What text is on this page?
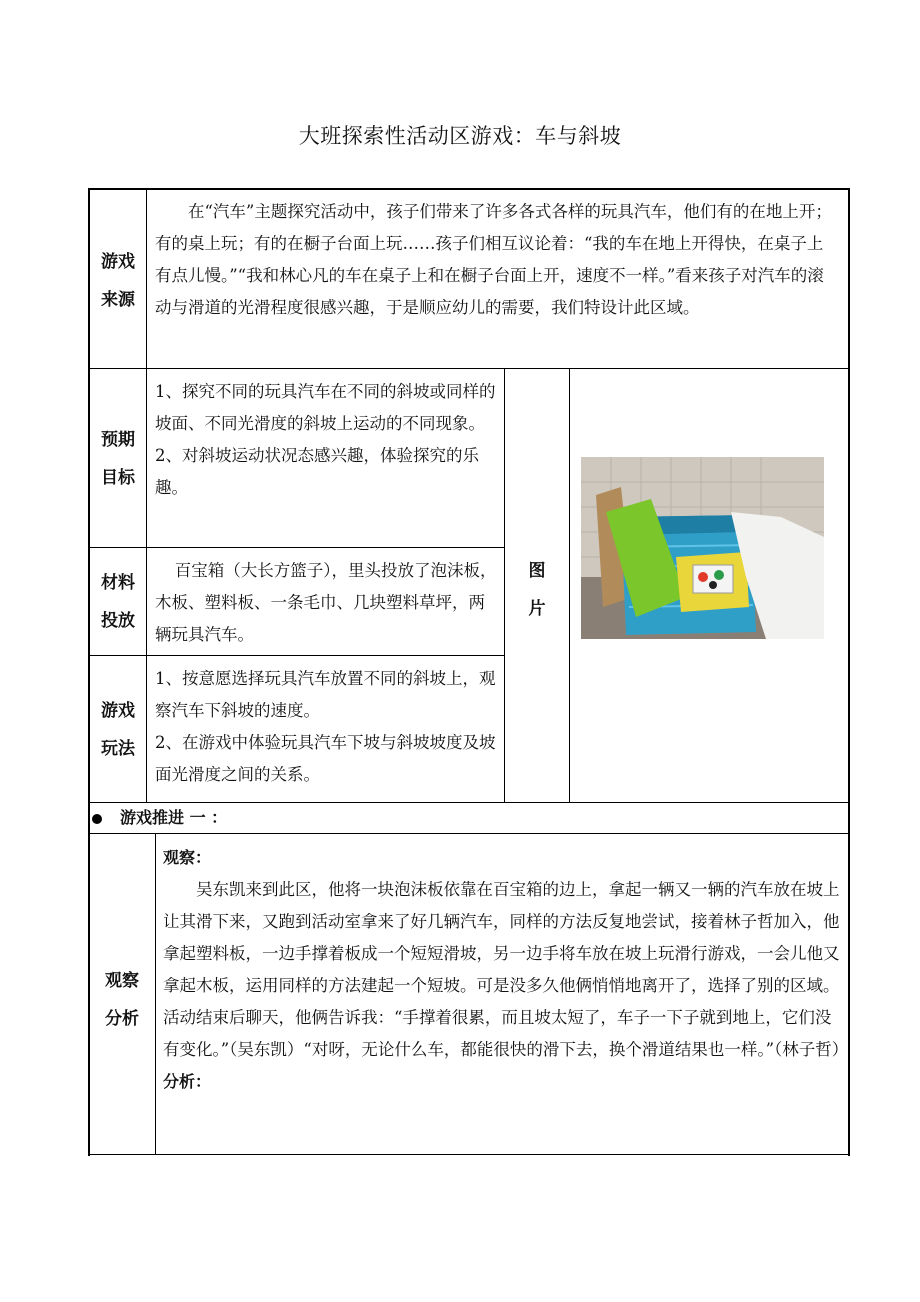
大班探索性活动区游戏：车与斜坡
游戏
来源
在“汽车”主题探究活动中，孩子们带来了许多各式各样的玩具汽车，他们有的在地上开；有的桌上玩；有的在橱子台面上玩……孩子们相互议论着：“我的车在地上开得快，在桌子上有点儿慢。”“我和林心凡的车在桌子上和在橱子台面上开，速度不一样。”看来孩子对汽车的滚动与滑道的光滑程度很感兴趣，于是顺应幼儿的需要，我们特设计此区域。
预期
目标

1、探究不同的玩具汽车在不同的斜坡或同样的坡面、不同光滑度的斜坡上运动的不同现象。

2、对斜坡运动状况态感兴趣，体验探究的乐趣。

材料
投放
百宝箱（大长方篮子），里头投放了泡沫板，木板、塑料板、一条毛巾、几块塑料草坪，两辆玩具汽车。
游戏
玩法

1、按意愿选择玩具汽车放置不同的斜坡上，观察汽车下斜坡的速度。

2、在游戏中体验玩具汽车下坡与斜坡坡度及坡面光滑度之间的关系。

图
片
游戏推进 一 ：
观察
分析

观察：

吴东凯来到此区，他将一块泡沫板依靠在百宝箱的边上，拿起一辆又一辆的汽车放在坡上让其滑下来，又跑到活动室拿来了好几辆汽车，同样的方法反复地尝试，接着林子哲加入，他拿起塑料板，一边手撑着板成一个短短滑坡，另一边手将车放在坡上玩滑行游戏，一会儿他又拿起木板，运用同样的方法建起一个短坡。可是没多久他俩悄悄地离开了，选择了别的区域。活动结束后聊天，他俩告诉我：“手撑着很累，而且坡太短了，车子一下子就到地上，它们没有变化。”（吴东凯）“对呀，无论什么车，都能很快的滑下去，换个滑道结果也一样。”（林子哲）

分析：
